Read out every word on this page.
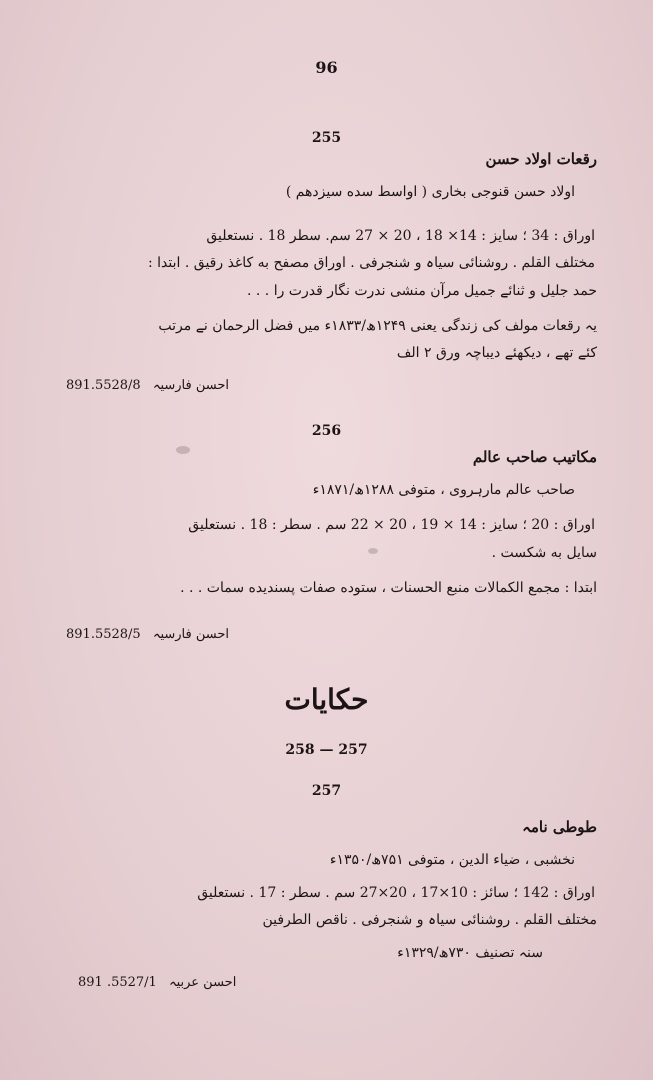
96
255
رقعات اولاد حسن
اولاد حسن قنوجی بخاری ( اواسط سده سیزدهم )
اوراق : 34 ؛ سایز : 14× 18 ، 20 × 27 سم. سطر 18 . نستعلیق
مختلف القلم . روشنائی سیاہ و شنجرفی . اوراق مصفح به کاغذ رقیق . ابتدا :
حمد جلیل و ثنائے جمیل مرآن منشی ندرت نگار قدرت را . . .
یہ رقعات مولف کی زندگی یعنی ۱۲۴۹ھ/۱۸۳۳ء میں فضل الرحمان نے مرتب
کئے تھے ، دیکھئے دیباچہ ورق ۲ الف
891.5528/8 احسن فارسیہ
256
مکاتیب صاحب عالم
صاحب عالم مارہروی ، متوفی ۱۲۸۸ھ/۱۸۷۱ء
اوراق : 20 ؛ سایز : 14 × 19 ، 20 × 22 سم . سطر : 18 . نستعلیق
سایل به شکست .
ابتدا : مجمع الکمالات منبع الحسنات ، ستوده صفات پسندیده سمات . . .
891.5528/5 احسن فارسیہ
حکایات
258 — 257
257
طوطی نامہ
نخشبی ، ضیاء الدین ، متوفی ۷۵۱ھ/۱۳۵۰ء
اوراق : 142 ؛ سائز : 10×17 ، 20×27 سم . سطر : 17 . نستعلیق
مختلف القلم . روشنائی سیاہ و شنجرفی . ناقص الطرفین
سنہ تصنیف ۷۳۰ھ/۱۳۲۹ء
891 .5527/1 احسن عربیہ
